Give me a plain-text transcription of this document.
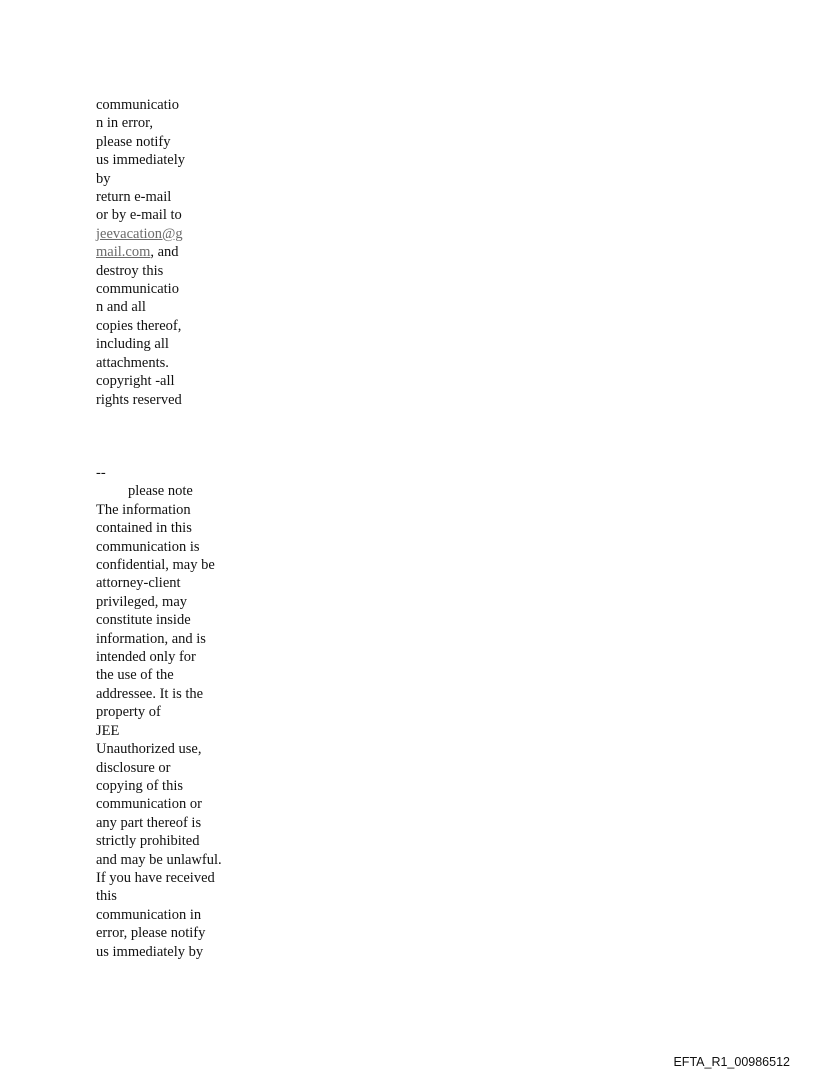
communicatio
n in error,
please notify
us immediately
by
return e-mail
or by e-mail to
jeevacation@g
mail.com, and
destroy this
communicatio
n and all
copies thereof,
including all
attachments.
copyright -all
rights reserved
--
please note
The information
contained in this
communication is
confidential, may be
attorney-client
privileged, may
constitute inside
information, and is
intended only for
the use of the
addressee. It is the
property of
JEE
Unauthorized use,
disclosure or
copying of this
communication or
any part thereof is
strictly prohibited
and may be unlawful.
If you have received
this
communication in
error, please notify
us immediately by
EFTA_R1_00986512
